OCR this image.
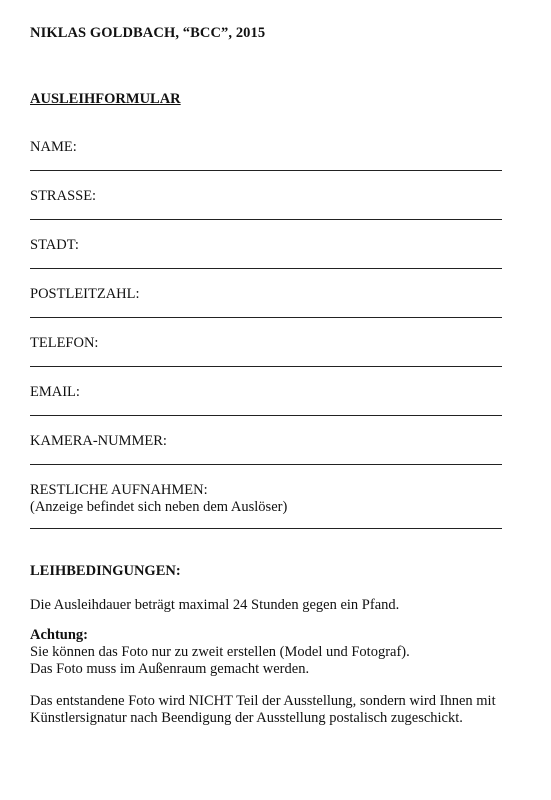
NIKLAS GOLDBACH, “BCC”, 2015
AUSLEIHFORMULAR
NAME:
STRASSE:
STADT:
POSTLEITZAHL:
TELEFON:
EMAIL:
KAMERA-NUMMER:
RESTLICHE AUFNAHMEN:
(Anzeige befindet sich neben dem Auslöser)
LEIHBEDINGUNGEN:
Die Ausleihdauer beträgt maximal 24 Stunden gegen ein Pfand.
Achtung:
Sie können das Foto nur zu zweit erstellen (Model und Fotograf).
Das Foto muss im Außenraum gemacht werden.
Das entstandene Foto wird NICHT Teil der Ausstellung, sondern wird Ihnen mit
Künstlersignatur nach Beendigung der Ausstellung postalisch zugeschickt.
